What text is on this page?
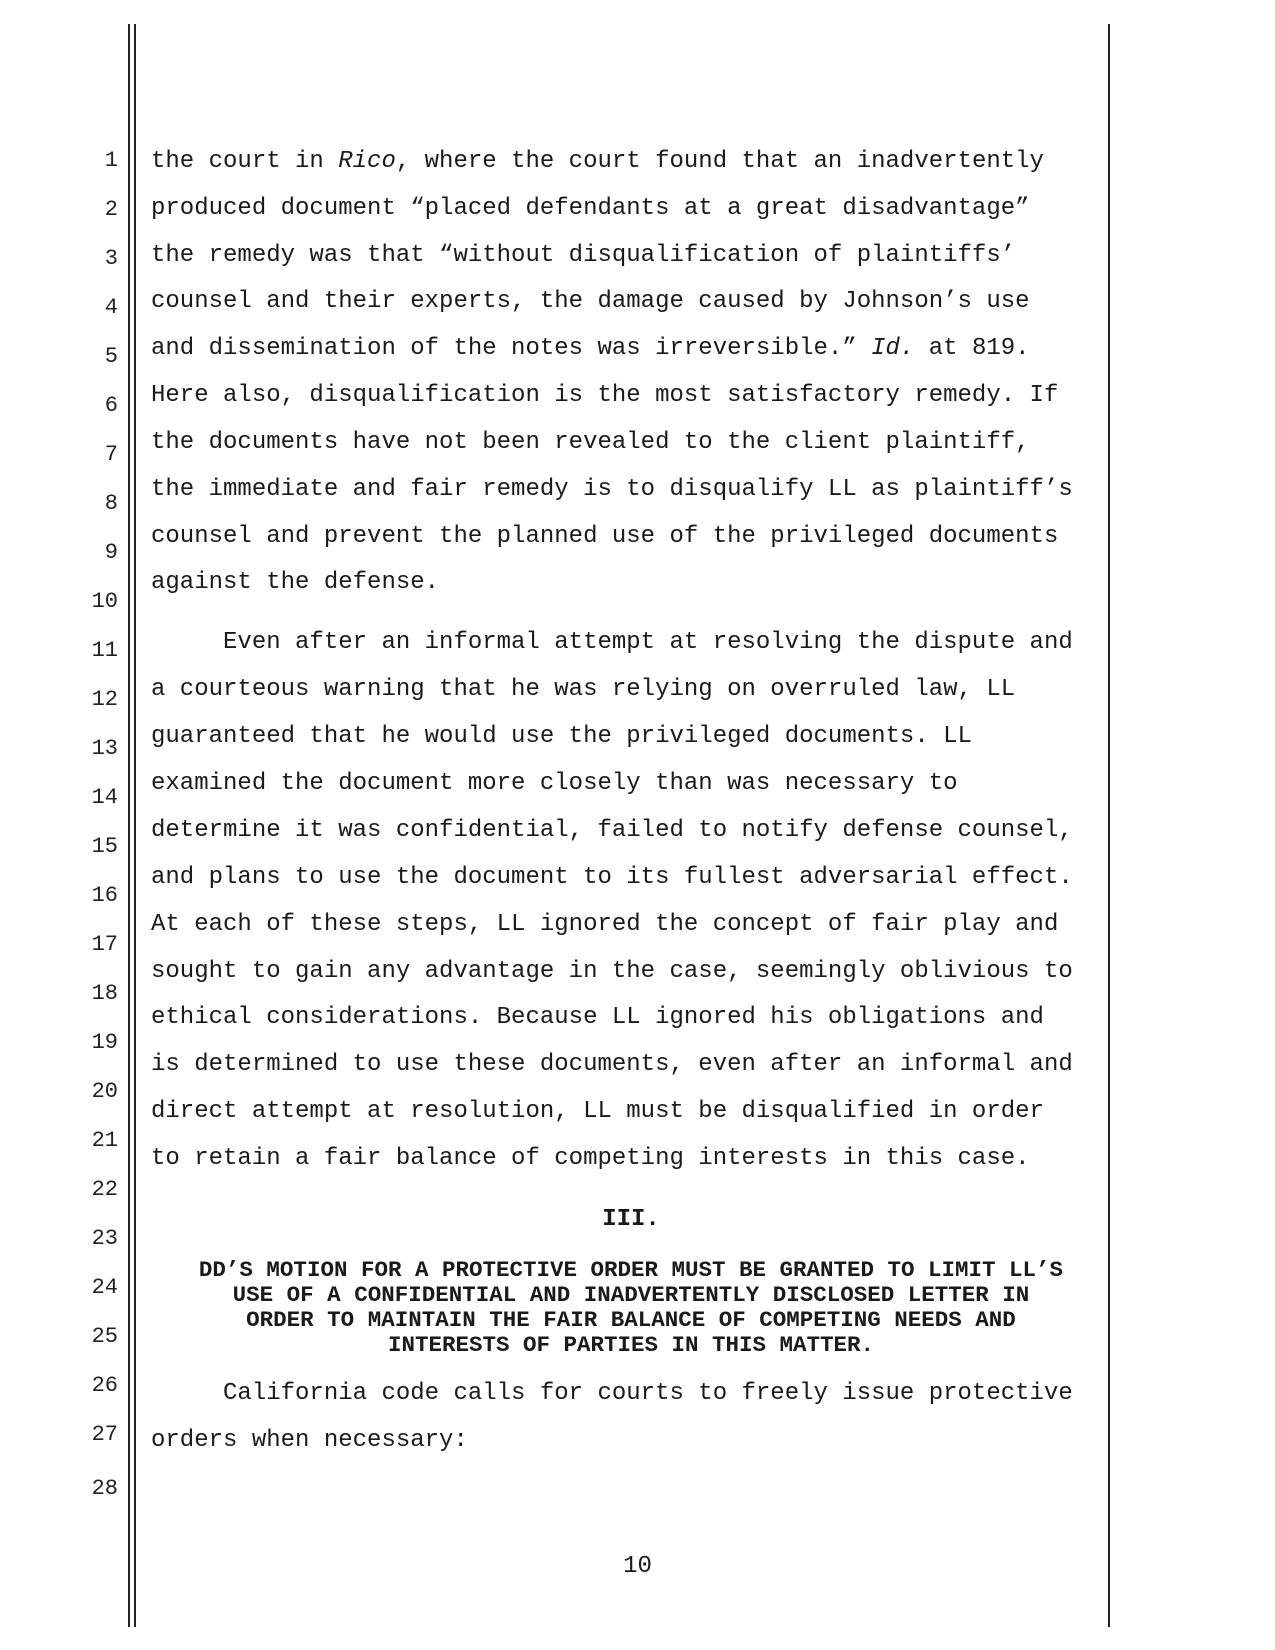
1
2
3
4
5
6
7
8
9
10
11
12
13
14
15
16
17
18
19
20
21
22
23
24
25
26
27
28
the court in Rico, where the court found that an inadvertently
produced document “placed defendants at a great disadvantage”
the remedy was that “without disqualification of plaintiffs’
counsel and their experts, the damage caused by Johnson’s use
and dissemination of the notes was irreversible.” Id. at 819.
Here also, disqualification is the most satisfactory remedy. If
the documents have not been revealed to the client plaintiff,
the immediate and fair remedy is to disqualify LL as plaintiff’s
counsel and prevent the planned use of the privileged documents
against the defense.
Even after an informal attempt at resolving the dispute and
a courteous warning that he was relying on overruled law, LL
guaranteed that he would use the privileged documents. LL
examined the document more closely than was necessary to
determine it was confidential, failed to notify defense counsel,
and plans to use the document to its fullest adversarial effect.
At each of these steps, LL ignored the concept of fair play and
sought to gain any advantage in the case, seemingly oblivious to
ethical considerations. Because LL ignored his obligations and
is determined to use these documents, even after an informal and
direct attempt at resolution, LL must be disqualified in order
to retain a fair balance of competing interests in this case.
III.
DD’S MOTION FOR A PROTECTIVE ORDER MUST BE GRANTED TO LIMIT LL’S
USE OF A CONFIDENTIAL AND INADVERTENTLY DISCLOSED LETTER IN
ORDER TO MAINTAIN THE FAIR BALANCE OF COMPETING NEEDS AND
INTERESTS OF PARTIES IN THIS MATTER.
California code calls for courts to freely issue protective
orders when necessary:
10
